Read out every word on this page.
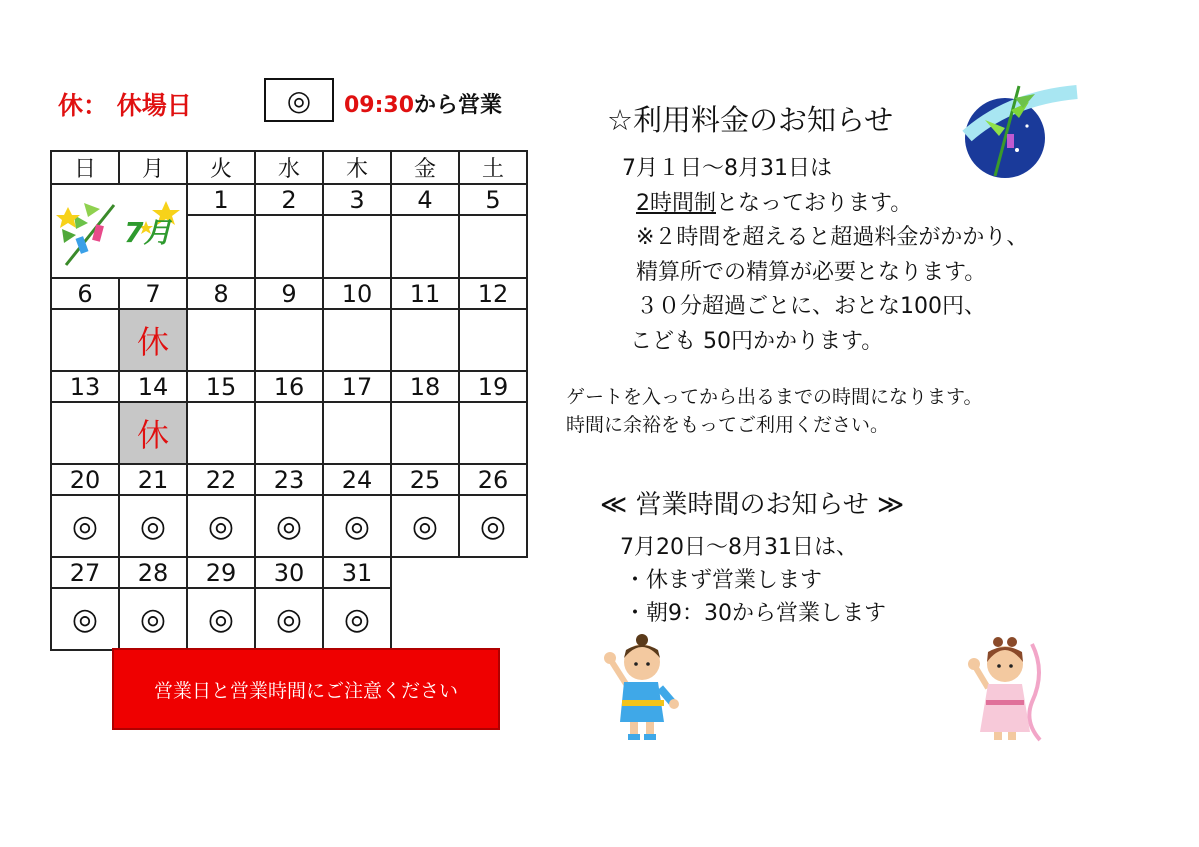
休： 休場日	◎ 09:30から営業
日	月	火	水	木	金	土

7月		1	2	3	4	5

6	7	8	9	10	11	12
	休					
13	14	15	16	17	18	19
	休					
20	21	22	23	24	25	26
◎	◎	◎	◎	◎	◎	◎
27	28	29	30	31		
◎	◎	◎	◎	◎		
営業日と営業時間にご注意ください
☆利用料金のお知らせ
7月１日～8月31日は
2時間制となっております。
※２時間を超えると超過料金がかかり、
精算所での精算が必要となります。
３０分超過ごとに、おとな100円、
こども 50円かかります。
ゲートを入ってから出るまでの時間になります。
時間に余裕をもってご利用ください。
≪ 営業時間のお知らせ ≫
7月20日～8月31日は、
・休まず営業します
・朝9：30から営業します
